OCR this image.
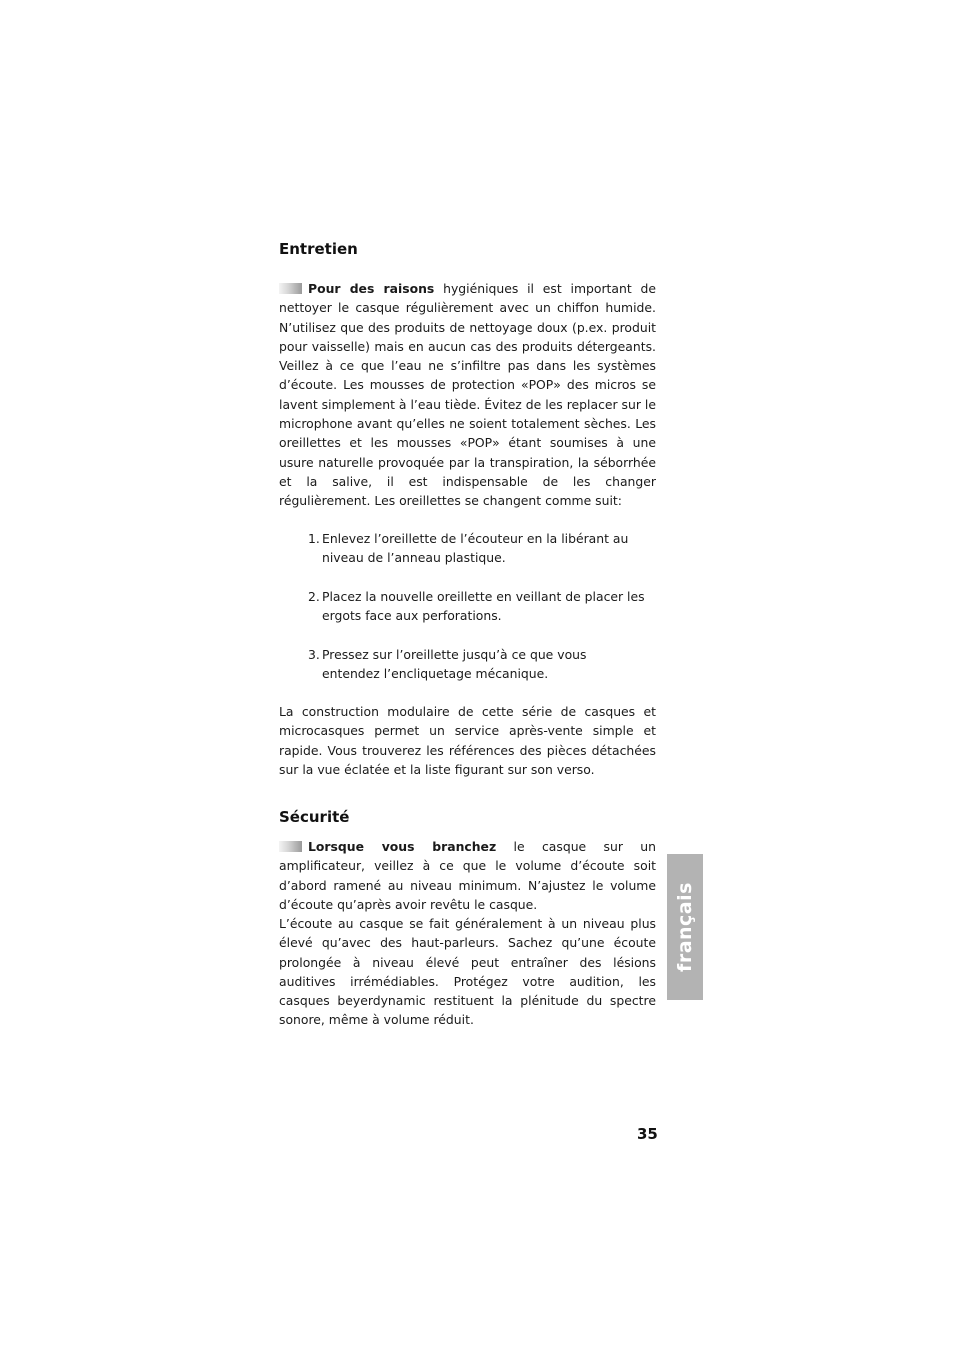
Entretien

Pour des raisons hygiéniques il est important de nettoyer le casque régulièrement avec un chiffon humide. N’utilisez que des produits de nettoyage doux (p.ex. produit pour vaisselle) mais en aucun cas des produits détergeants. Veillez à ce que l’eau ne s’infiltre pas dans les systèmes d’écoute. Les mousses de protection «POP» des micros se lavent simplement à l’eau tiède. Évitez de les replacer sur le microphone avant qu’elles ne soient totalement sèches. Les oreillettes et les mousses «POP» étant soumises à une usure naturelle provoquée par la transpiration, la séborrhée et la salive, il est indispensable de les changer régulièrement. Les oreillettes se changent comme suit:

1. Enlevez l’oreillette de l’écouteur en la libérant au niveau de l’anneau plastique.
2. Placez la nouvelle oreillette en veillant de placer les ergots face aux perforations.
3. Pressez sur l’oreillette jusqu’à ce que vous entendez l’encliquetage mécanique.

La construction modulaire de cette série de casques et microcasques permet un service après-vente simple et rapide. Vous trouverez les références des pièces détachées sur la vue éclatée et la liste figurant sur son verso.

Sécurité

Lorsque vous branchez le casque sur un amplificateur, veillez à ce que le volume d’écoute soit d’abord ramené au niveau minimum. N’ajustez le volume d’écoute qu’après avoir revêtu le casque.

L’écoute au casque se fait généralement à un niveau plus élevé qu’avec des haut-parleurs. Sachez qu’une écoute prolongée à niveau élevé peut entraîner des lésions auditives irrémédiables. Protégez votre audition, les casques beyerdynamic restituent la plénitude du spectre sonore, même à volume réduit.

français
35
